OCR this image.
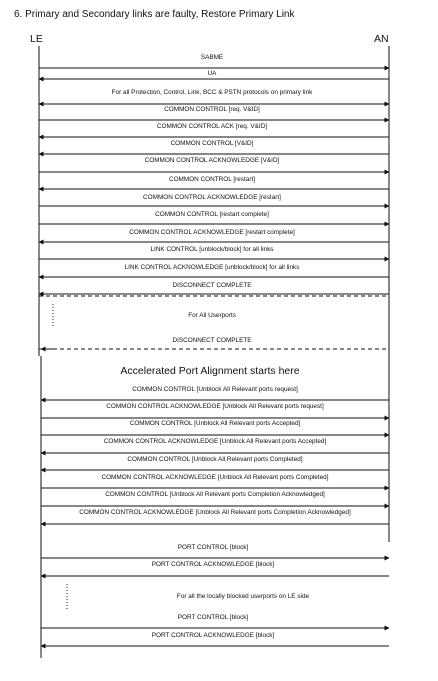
6. Primary and Secondary links are faulty, Restore Primary Link
LE	AN
SABME
UA
For all Protection, Control, Link, BCC & PSTN protocols on primary link
COMMON CONTROL [req. V&ID]
COMMON CONTROL ACK [req. V&ID]
COMMON CONTROL [V&ID]
COMMON CONTROL ACKNOWLEDGE [V&ID]
COMMON CONTROL [restart]
COMMON CONTROL ACKNOWLEDGE [restart]
COMMON CONTROL [restart complete]
COMMON CONTROL ACKNOWLEDGE [restart complete]
LINK CONTROL [unblock/block] for all links
LINK CONTROL ACKNOWLEDGE [unblock/block] for all links
DISCONNECT COMPLETE
COMMON CONTROL [Unblock All Relevant ports request]
COMMON CONTROL ACKNOWLEDGE [Unblock All Relevant ports request]
COMMON CONTROL [Unblock All Relevant ports Accepted]
COMMON CONTROL ACKNOWLEDGE [Unblock All Relevant ports Accepted]
COMMON CONTROL [Unblock All Relevant ports Completed]
COMMON CONTROL ACKNOWLEDGE [Unblock All Relevant ports Completed]
COMMON CONTROL [Unblock All Relevant ports Completion Acknowledged]
COMMON CONTROL ACKNOWLEDGE [Unblock All Relevant ports Completion Acknowledged]
PORT CONTROL [block]
PORT CONTROL ACKNOWLEDGE [block]
PORT CONTROL [block]
PORT CONTROL ACKNOWLEDGE [block]
For All Userports
DISCONNECT COMPLETE
Accelerated Port Alignment starts here
For all the locally blocked userports on LE side
